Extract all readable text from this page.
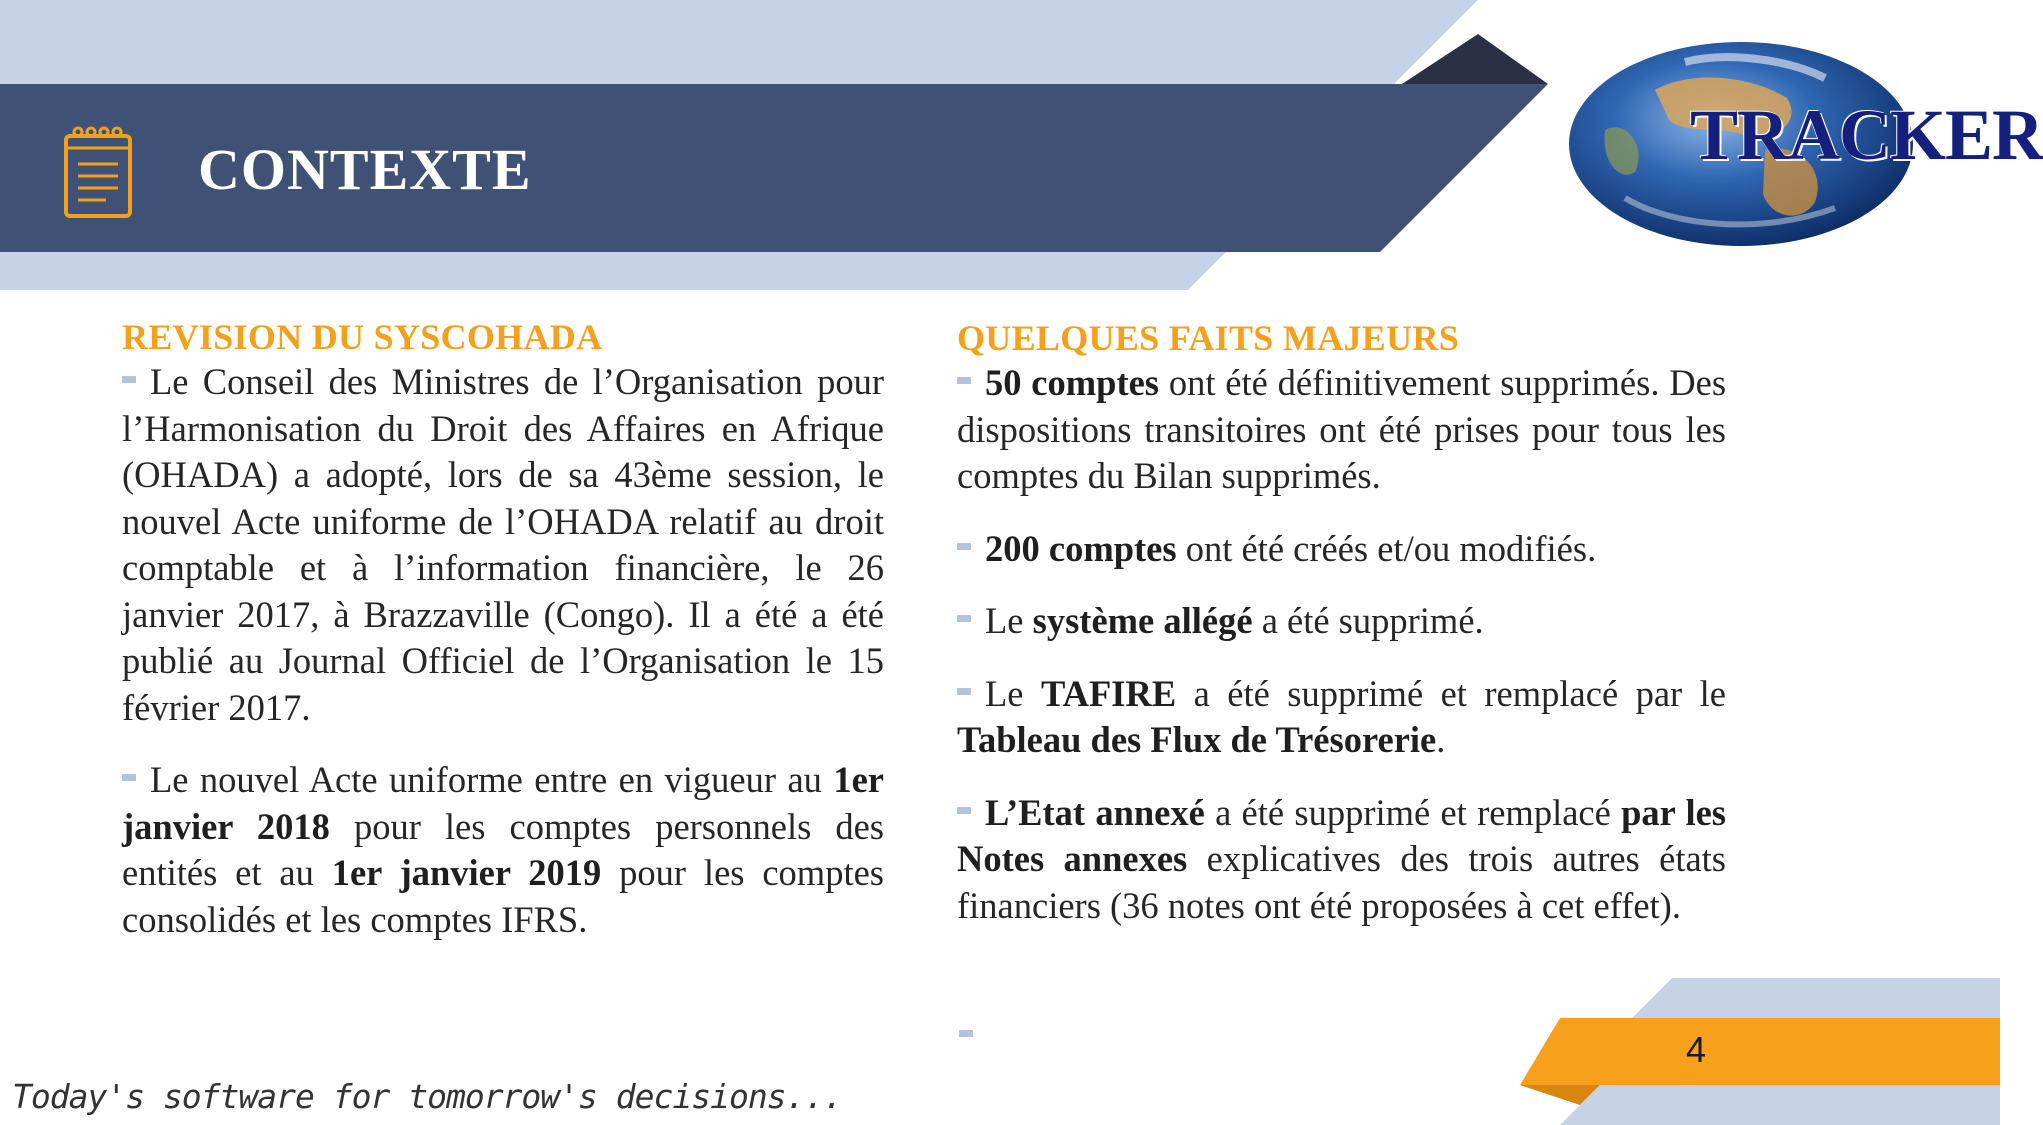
CONTEXTE	TRACKER
REVISION DU SYSCOHADA

Le Conseil des Ministres de l’Organisation pour l’Harmonisation du Droit des Affaires en Afrique (OHADA) a adopté, lors de sa 43ème session, le nouvel Acte uniforme de l’OHADA relatif au droit comptable et à l’information financière, le 26 janvier 2017, à Brazzaville (Congo). Il a été a été publié au Journal Officiel de l’Organisation le 15 février 2017.

Le nouvel Acte uniforme entre en vigueur au 1er janvier 2018 pour les comptes personnels des entités et au 1er janvier 2019 pour les comptes consolidés et les comptes IFRS.

QUELQUES FAITS MAJEURS

50 comptes ont été définitivement supprimés. Des dispositions transitoires ont été prises pour tous les comptes du Bilan supprimés.

200 comptes ont été créés et/ou modifiés.

Le système allégé a été supprimé.

Le TAFIRE a été supprimé et remplacé par le Tableau des Flux de Trésorerie.

L’Etat annexé a été supprimé et remplacé par les Notes annexes explicatives des trois autres états financiers (36 notes ont été proposées à cet effet).

4
Today's software for tomorrow's decisions...
